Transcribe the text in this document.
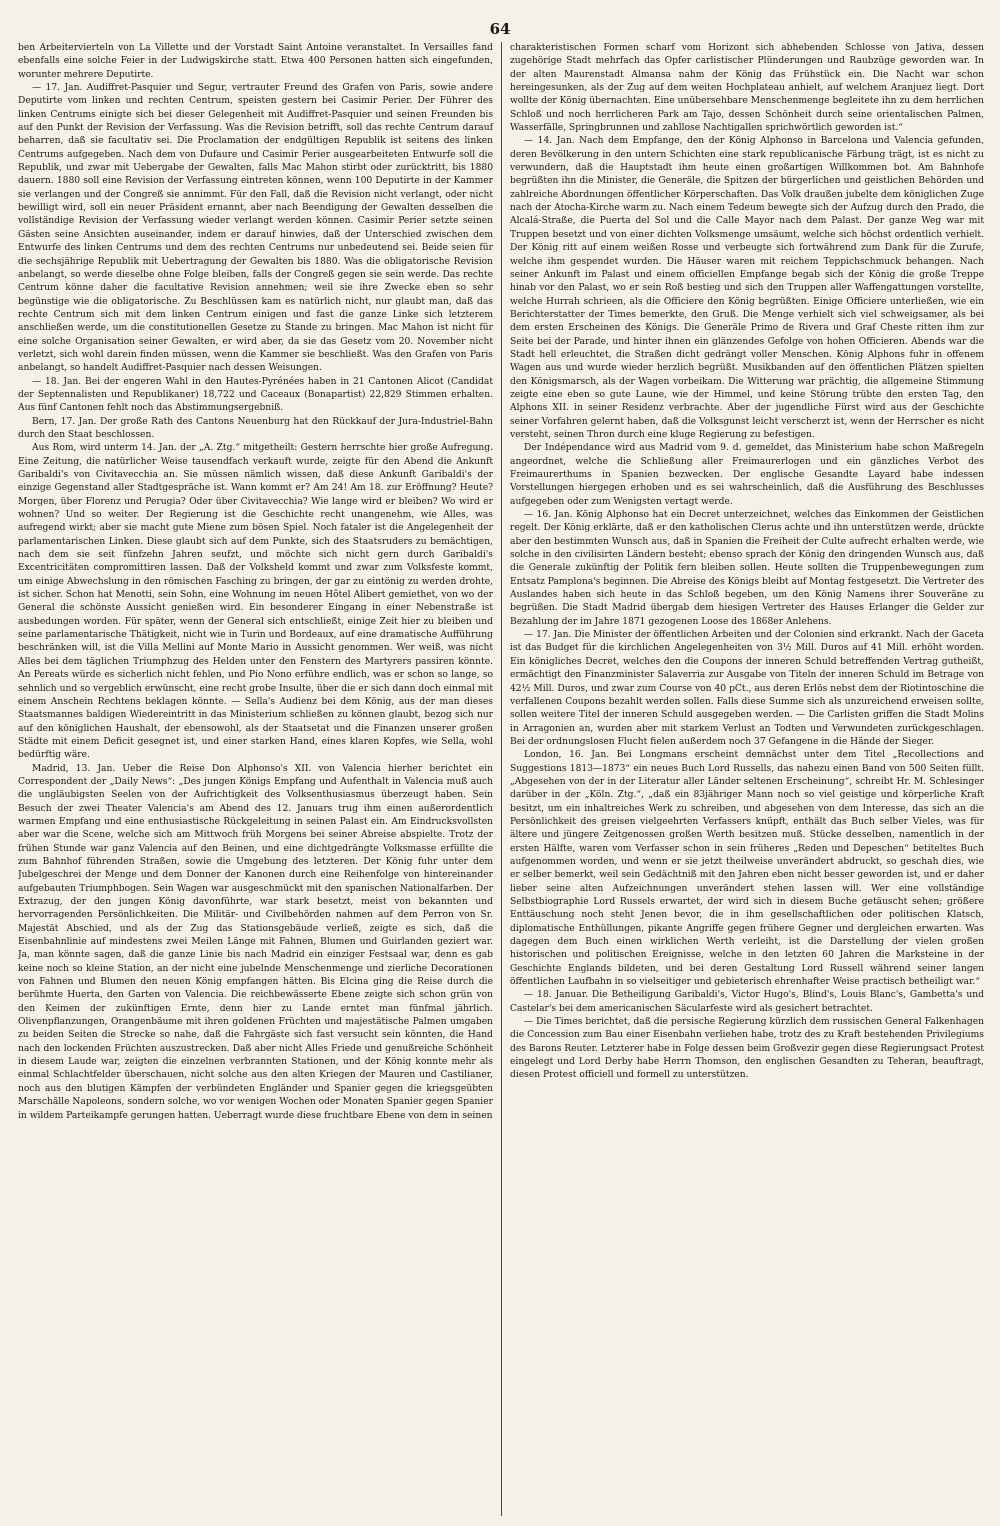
64

ben Arbeitervierteln von La Villette und der Vorstadt Saint Antoine veranstaltet. In Versailles fand ebenfalls eine solche Feier in der Ludwigskirche statt. Etwa 400 Personen hatten sich eingefunden, worunter mehrere Deputirte.

— 17. Jan. Audiffret-Pasquier und Segur, vertrauter Freund des Grafen von Paris, sowie andere Deputirte vom linken und rechten Centrum, speisten gestern bei Casimir Perier. Der Führer des linken Centrums einigte sich bei dieser Gelegenheit mit Audiffret-Pasquier und seinen Freunden bis auf den Punkt der Revision der Verfassung. Was die Revision betrifft, soll das rechte Centrum darauf beharren, daß sie facultativ sei. Die Proclamation der endgültigen Republik ist seitens des linken Centrums aufgegeben. Nach dem von Dufaure und Casimir Perier ausgearbeiteten Entwurfe soll die Republik, und zwar mit Uebergabe der Gewalten, falls Mac Mahon stirbt oder zurücktritt, bis 1880 dauern. 1880 soll eine Revision der Verfassung eintreten können, wenn 100 Deputirte in der Kammer sie verlangen und der Congreß sie annimmt. Für den Fall, daß die Revision nicht verlangt, oder nicht bewilligt wird, soll ein neuer Präsident ernannt, aber nach Beendigung der Gewalten desselben die vollständige Revision der Verfassung wieder verlangt werden können. Casimir Perier setzte seinen Gästen seine Ansichten auseinander, indem er darauf hinwies, daß der Unterschied zwischen dem Entwurfe des linken Centrums und dem des rechten Centrums nur unbedeutend sei. Beide seien für die sechsjährige Republik mit Uebertragung der Gewalten bis 1880. Was die obligatorische Revision anbelangt, so werde dieselbe ohne Folge bleiben, falls der Congreß gegen sie sein werde. Das rechte Centrum könne daher die facultative Revision annehmen; weil sie ihre Zwecke eben so sehr begünstige wie die obligatorische. Zu Beschlüssen kam es natürlich nicht, nur glaubt man, daß das rechte Centrum sich mit dem linken Centrum einigen und fast die ganze Linke sich letzterem anschließen werde, um die constitutionellen Gesetze zu Stande zu bringen. Mac Mahon ist nicht für eine solche Organisation seiner Gewalten, er wird aber, da sie das Gesetz vom 20. November nicht verletzt, sich wohl darein finden müssen, wenn die Kammer sie beschließt. Was den Grafen von Paris anbelangt, so handelt Audiffret-Pasquier nach dessen Weisungen.

— 18. Jan. Bei der engeren Wahl in den Hautes-Pyrénées haben in 21 Cantonen Alicot (Candidat der Septennalisten und Republikaner) 18,722 und Caceaux (Bonapartist) 22,829 Stimmen erhalten. Aus fünf Cantonen fehlt noch das Abstimmungsergebniß.

Bern, 17. Jan. Der große Rath des Cantons Neuenburg hat den Rückkauf der Jura-Industriel-Bahn durch den Staat beschlossen.

Aus Rom, wird unterm 14. Jan. der „A. Ztg.“ mitgetheilt: Gestern herrschte hier große Aufregung. Eine Zeitung, die natürlicher Weise tausendfach verkauft wurde, zeigte für den Abend die Ankunft Garibaldi's von Civitavecchia an. Sie müssen nämlich wissen, daß diese Ankunft Garibaldi's der einzige Gegenstand aller Stadtgespräche ist. Wann kommt er? Am 24! Am 18. zur Eröffnung? Heute? Morgen, über Florenz und Perugia? Oder über Civitavecchia? Wie lange wird er bleiben? Wo wird er wohnen? Und so weiter. Der Regierung ist die Geschichte recht unangenehm, wie Alles, was aufregend wirkt; aber sie macht gute Miene zum bösen Spiel. Noch fataler ist die Angelegenheit der parlamentarischen Linken. Diese glaubt sich auf dem Punkte, sich des Staatsruders zu bemächtigen, nach dem sie seit fünfzehn Jahren seufzt, und möchte sich nicht gern durch Garibaldi's Excentricitäten compromittiren lassen. Daß der Volksheld kommt und zwar zum Volksfeste kommt, um einige Abwechslung in den römischen Fasching zu bringen, der gar zu eintönig zu werden drohte, ist sicher. Schon hat Menotti, sein Sohn, eine Wohnung im neuen Hôtel Alibert gemiethet, von wo der General die schönste Aussicht genießen wird. Ein besonderer Eingang in einer Nebenstraße ist ausbedungen worden. Für später, wenn der General sich entschließt, einige Zeit hier zu bleiben und seine parlamentarische Thätigkeit, nicht wie in Turin und Bordeaux, auf eine dramatische Aufführung beschränken will, ist die Villa Mellini auf Monte Mario in Aussicht genommen. Wer weiß, was nicht Alles bei dem täglichen Triumphzug des Helden unter den Fenstern des Martyrers passiren könnte. An Pereats würde es sicherlich nicht fehlen, und Pio Nono erführe endlich, was er schon so lange, so sehnlich und so vergeblich erwünscht, eine recht grobe Insulte, über die er sich dann doch einmal mit einem Anschein Rechtens beklagen könnte. — Sella's Audienz bei dem König, aus der man dieses Staatsmannes baldigen Wiedereintritt in das Ministerium schließen zu können glaubt, bezog sich nur auf den königlichen Haushalt, der ebensowohl, als der Staatsetat und die Finanzen unserer großen Städte mit einem Deficit gesegnet ist, und einer starken Hand, eines klaren Kopfes, wie Sella, wohl bedürftig wäre.

Madrid, 13. Jan. Ueber die Reise Don Alphonso's XII. von Valencia hierher berichtet ein Correspondent der „Daily News“: „Des jungen Königs Empfang und Aufenthalt in Valencia muß auch die ungläubigsten Seelen von der Aufrichtigkeit des Volksenthusiasmus überzeugt haben. Sein Besuch der zwei Theater Valencia's am Abend des 12. Januars trug ihm einen außerordentlich warmen Empfang und eine enthusiastische Rückgeleitung in seinen Palast ein. Am Eindrucksvollsten aber war die Scene, welche sich am Mittwoch früh Morgens bei seiner Abreise abspielte. Trotz der frühen Stunde war ganz Valencia auf den Beinen, und eine dichtgedrängte Volksmasse erfüllte die zum Bahnhof führenden Straßen, sowie die Umgebung des letzteren. Der König fuhr unter dem Jubelgeschrei der Menge und dem Donner der Kanonen durch eine Reihenfolge von hintereinander aufgebauten Triumphbogen. Sein Wagen war ausgeschmückt mit den spanischen Nationalfarben. Der Extrazug, der den jungen König davonführte, war stark besetzt, meist von bekannten und hervorragenden Persönlichkeiten. Die Militär- und Civilbehörden nahmen auf dem Perron von Sr. Majestät Abschied, und als der Zug das Stationsgebäude verließ, zeigte es sich, daß die Eisenbahnlinie auf mindestens zwei Meilen Länge mit Fahnen, Blumen und Guirlanden geziert war. Ja, man könnte sagen, daß die ganze Linie bis nach Madrid ein einziger Festsaal war, denn es gab keine noch so kleine Station, an der nicht eine jubelnde Menschenmenge und zierliche Decorationen von Fahnen und Blumen den neuen König empfangen hätten. Bis Elcina ging die Reise durch die berühmte Huerta, den Garten von Valencia. Die reichbewässerte Ebene zeigte sich schon grün von den Keimen der zukünftigen Ernte, denn hier zu Lande erntet man fünfmal jährlich. Olivenpflanzungen, Orangenbäume mit ihren goldenen Früchten und majestätische Palmen umgaben zu beiden Seiten die Strecke so nahe, daß die Fahrgäste sich fast versucht sein könnten, die Hand nach den lockenden Früchten auszustrecken. Daß aber nicht Alles Friede und genußreiche Schönheit in diesem Laude war, zeigten die einzelnen verbrannten Stationen, und der König konnte mehr als einmal Schlachtfelder überschauen, nicht solche aus den alten Kriegen der Mauren und Castilianer, noch aus den blutigen Kämpfen der verbündeten Engländer und Spanier gegen die kriegsgeübten Marschälle Napoleons, sondern solche, wo vor wenigen Wochen oder Monaten Spanier gegen Spanier in wildem Parteikampfe gerungen hatten. Ueberragt wurde diese fruchtbare Ebene von dem in seinen

charakteristischen Formen scharf vom Horizont sich abhebenden Schlosse von Jativa, dessen zugehörige Stadt mehrfach das Opfer carlistischer Plünderungen und Raubzüge geworden war. In der alten Maurenstadt Almansa nahm der König das Frühstück ein. Die Nacht war schon hereingesunken, als der Zug auf dem weiten Hochplateau anhielt, auf welchem Aranjuez liegt. Dort wollte der König übernachten. Eine unübersehbare Menschenmenge begleitete ihn zu dem herrlichen Schloß und noch herrlicheren Park am Tajo, dessen Schönheit durch seine orientalischen Palmen, Wasserfälle, Springbrunnen und zahllose Nachtigallen sprichwörtlich geworden ist.“

— 14. Jan. Nach dem Empfange, den der König Alphonso in Barcelona und Valencia gefunden, deren Bevölkerung in den untern Schichten eine stark republicanische Färbung trägt, ist es nicht zu verwundern, daß die Hauptstadt ihm heute einen großartigen Willkommen bot. Am Bahnhofe begrüßten ihn die Minister, die Generäle, die Spitzen der bürgerlichen und geistlichen Behörden und zahlreiche Abordnungen öffentlicher Körperschaften. Das Volk draußen jubelte dem königlichen Zuge nach der Atocha-Kirche warm zu. Nach einem Tedeum bewegte sich der Aufzug durch den Prado, die Alcalá-Straße, die Puerta del Sol und die Calle Mayor nach dem Palast. Der ganze Weg war mit Truppen besetzt und von einer dichten Volksmenge umsäumt, welche sich höchst ordentlich verhielt. Der König ritt auf einem weißen Rosse und verbeugte sich fortwährend zum Dank für die Zurufe, welche ihm gespendet wurden. Die Häuser waren mit reichem Teppichschmuck behangen. Nach seiner Ankunft im Palast und einem officiellen Empfange begab sich der König die große Treppe hinab vor den Palast, wo er sein Roß bestieg und sich den Truppen aller Waffengattungen vorstellte, welche Hurrah schrieen, als die Officiere den König begrüßten. Einige Officiere unterließen, wie ein Berichterstatter der Times bemerkte, den Gruß. Die Menge verhielt sich viel schweigsamer, als bei dem ersten Erscheinen des Königs. Die Generäle Primo de Rivera und Graf Cheste ritten ihm zur Seite bei der Parade, und hinter ihnen ein glänzendes Gefolge von hohen Officieren. Abends war die Stadt hell erleuchtet, die Straßen dicht gedrängt voller Menschen. König Alphons fuhr in offenem Wagen aus und wurde wieder herzlich begrüßt. Musikbanden auf den öffentlichen Plätzen spielten den Königsmarsch, als der Wagen vorbeikam. Die Witterung war prächtig, die allgemeine Stimmung zeigte eine eben so gute Laune, wie der Himmel, und keine Störung trübte den ersten Tag, den Alphons XII. in seiner Residenz verbrachte. Aber der jugendliche Fürst wird aus der Geschichte seiner Vorfahren gelernt haben, daß die Volksgunst leicht verscherzt ist, wenn der Herrscher es nicht versteht, seinen Thron durch eine kluge Regierung zu befestigen.

Der Indépendance wird aus Madrid vom 9. d. gemeldet, das Ministerium habe schon Maßregeln angeordnet, welche die Schließung aller Freimaurerlogen und ein gänzliches Verbot des Freimaurerthums in Spanien bezwecken. Der englische Gesandte Layard habe indessen Vorstellungen hiergegen erhoben und es sei wahrscheinlich, daß die Ausführung des Beschlusses aufgegeben oder zum Wenigsten vertagt werde.

— 16. Jan. König Alphonso hat ein Decret unterzeichnet, welches das Einkommen der Geistlichen regelt. Der König erklärte, daß er den katholischen Clerus achte und ihn unterstützen werde, drückte aber den bestimmten Wunsch aus, daß in Spanien die Freiheit der Culte aufrecht erhalten werde, wie solche in den civilisirten Ländern besteht; ebenso sprach der König den dringenden Wunsch aus, daß die Generale zukünftig der Politik fern bleiben sollen. Heute sollten die Truppenbewegungen zum Entsatz Pamplona's beginnen. Die Abreise des Königs bleibt auf Montag festgesetzt. Die Vertreter des Auslandes haben sich heute in das Schloß begeben, um den König Namens ihrer Souveräne zu begrüßen. Die Stadt Madrid übergab dem hiesigen Vertreter des Hauses Erlanger die Gelder zur Bezahlung der im Jahre 1871 gezogenen Loose des 1868er Anlehens.

— 17. Jan. Die Minister der öffentlichen Arbeiten und der Colonien sind erkrankt. Nach der Gaceta ist das Budget für die kirchlichen Angelegenheiten von 3½ Mill. Duros auf 41 Mill. erhöht worden. Ein königliches Decret, welches den die Coupons der inneren Schuld betreffenden Vertrag gutheißt, ermächtigt den Finanzminister Salaverria zur Ausgabe von Titeln der inneren Schuld im Betrage von 42½ Mill. Duros, und zwar zum Course von 40 pCt., aus deren Erlös nebst dem der Riotintoschine die verfallenen Coupons bezahlt werden sollen. Falls diese Summe sich als unzureichend erweisen sollte, sollen weitere Titel der inneren Schuld ausgegeben werden. — Die Carlisten griffen die Stadt Molins in Arragonien an, wurden aber mit starkem Verlust an Todten und Verwundeten zurückgeschlagen. Bei der ordnungslosen Flucht fielen außerdem noch 37 Gefangene in die Hände der Sieger.

London, 16. Jan. Bei Longmans erscheint demnächst unter dem Titel „Recollections and Suggestions 1813—1873“ ein neues Buch Lord Russells, das nahezu einen Band von 500 Seiten füllt. „Abgesehen von der in der Literatur aller Länder seltenen Erscheinung“, schreibt Hr. M. Schlesinger darüber in der „Köln. Ztg.“, „daß ein 83jähriger Mann noch so viel geistige und körperliche Kraft besitzt, um ein inhaltreiches Werk zu schreiben, und abgesehen von dem Interesse, das sich an die Persönlichkeit des greisen vielgeehrten Verfassers knüpft, enthält das Buch selber Vieles, was für ältere und jüngere Zeitgenossen großen Werth besitzen muß. Stücke desselben, namentlich in der ersten Hälfte, waren vom Verfasser schon in sein früheres „Reden und Depeschen“ betiteltes Buch aufgenommen worden, und wenn er sie jetzt theilweise unverändert abdruckt, so geschah dies, wie er selber bemerkt, weil sein Gedächtniß mit den Jahren eben nicht besser geworden ist, und er daher lieber seine alten Aufzeichnungen unverändert stehen lassen will. Wer eine vollständige Selbstbiographie Lord Russels erwartet, der wird sich in diesem Buche getäuscht sehen; größere Enttäuschung noch steht Jenen bevor, die in ihm gesellschaftlichen oder politischen Klatsch, diplomatische Enthüllungen, pikante Angriffe gegen frühere Gegner und dergleichen erwarten. Was dagegen dem Buch einen wirklichen Werth verleiht, ist die Darstellung der vielen großen historischen und politischen Ereignisse, welche in den letzten 60 Jahren die Marksteine in der Geschichte Englands bildeten, und bei deren Gestaltung Lord Russell während seiner langen öffentlichen Laufbahn in so vielseitiger und gebieterisch ehrenhafter Weise practisch betheiligt war.“

— 18. Januar. Die Betheiligung Garibaldi's, Victor Hugo's, Blind's, Louis Blanc's, Gambetta's und Castelar's bei dem americanischen Säcularfeste wird als gesichert betrachtet.

— Die Times berichtet, daß die persische Regierung kürzlich dem russischen General Falkenhagen die Concession zum Bau einer Eisenbahn verliehen habe, trotz des zu Kraft bestehenden Privilegiums des Barons Reuter. Letzterer habe in Folge dessen beim Großvezir gegen diese Regierungsact Protest eingelegt und Lord Derby habe Herrn Thomson, den englischen Gesandten zu Teheran, beauftragt, diesen Protest officiell und formell zu unterstützen.
